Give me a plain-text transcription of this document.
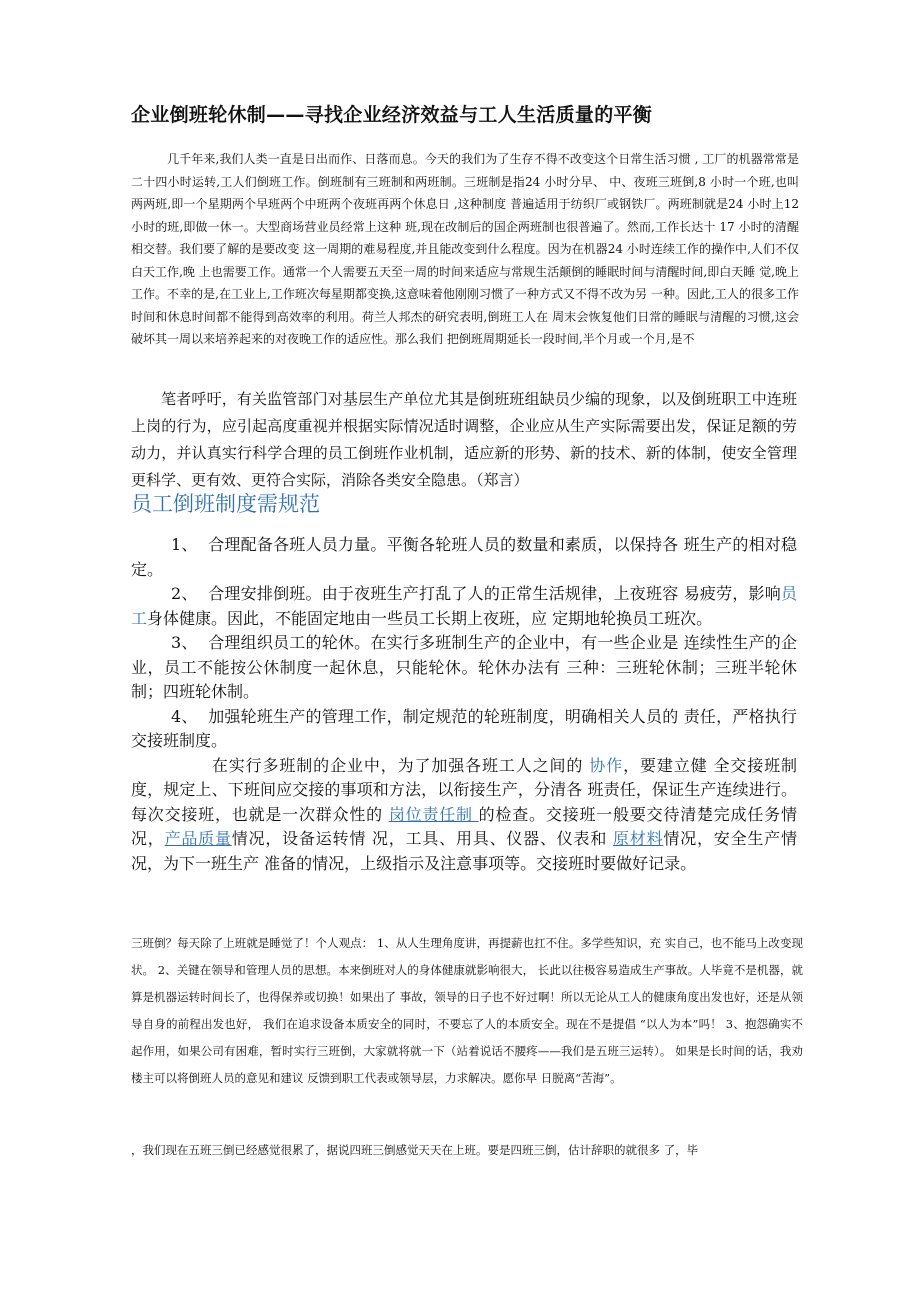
企业倒班轮休制——寻找企业经济效益与工人生活质量的平衡
几千年来,我们人类一直是日出而作、日落而息。今天的我们为了生存不得不改变这个日常生活习惯 , 工厂的机器常常是二十四小时运转,工人们倒班工作。倒班制有三班制和两班制。三班制是指24 小时分早、 中、夜班三班倒,8 小时一个班,也叫两两班,即一个星期两个早班两个中班两个夜班再两个休息日 ,这种制度 普遍适用于纺织厂或钢铁厂。两班制就是24 小时上12 小时的班,即做一休一。大型商场营业员经常上这种 班,现在改制后的国企两班制也很普遍了。然而,工作长达十 17 小时的清醒相交替。我们要了解的是要改变 这一周期的难易程度,并且能改变到什么程度。因为在机器24 小时连续工作的操作中,人们不仅白天工作,晚 上也需要工作。通常一个人需要五天至一周的时间来适应与常规生活颠倒的睡眠时间与清醒时间,即白天睡 觉,晚上工作。不幸的是,在工业上,工作班次每星期都变换,这意味着他刚刚习惯了一种方式又不得不改为另 一种。因此,工人的很多工作时间和休息时间都不能得到高效率的利用。荷兰人邦杰的研究表明,倒班工人在 周末会恢复他们日常的睡眠与清醒的习惯,这会破坏其一周以来培养起来的对夜晚工作的适应性。那么我们 把倒班周期延长一段时间,半个月或一个月,是不
笔者呼吁，有关监管部门对基层生产单位尤其是倒班班组缺员少编的现象，以及倒班职工中连班上岗的行为，应引起高度重视并根据实际情况适时调整，企业应从生产实际需要出发，保证足额的劳动力，并认真实行科学合理的员工倒班作业机制，适应新的形势、新的技术、新的体制，使安全管理更科学、更有效、更符合实际，消除各类安全隐患。（郑言）
员工倒班制度需规范

1、 合理配备各班人员力量。平衡各轮班人员的数量和素质，以保持各 班生产的相对稳定。

2、 合理安排倒班。由于夜班生产打乱了人的正常生活规律，上夜班容 易疲劳，影响员工身体健康。因此，不能固定地由一些员工长期上夜班，应 定期地轮换员工班次。

3、 合理组织员工的轮休。在实行多班制生产的企业中，有一些企业是 连续性生产的企业，员工不能按公休制度一起休息，只能轮休。轮休办法有 三种：三班轮休制；三班半轮休制；四班轮休制。

4、 加强轮班生产的管理工作，制定规范的轮班制度，明确相关人员的 责任，严格执行交接班制度。

在实行多班制的企业中，为了加强各班工人之间的 协作，要建立健 全交接班制度，规定上、下班间应交接的事项和方法，以衔接生产，分清各 班责任，保证生产连续进行。每次交接班，也就是一次群众性的 岗位责任制 的检查。交接班一般要交待清楚完成任务情况，产品质量情况，设备运转情 况，工具、用具、仪器、仪表和 原材料情况，安全生产情况，为下一班生产 准备的情况，上级指示及注意事项等。交接班时要做好记录。

三班倒？每天除了上班就是睡觉了！个人观点： 1、从人生理角度讲，再提薪也扛不住。多学些知识，充 实自己，也不能马上改变现状。 2、关键在领导和管理人员的思想。本来倒班对人的身体健康就影响很大， 长此以往极容易造成生产事故。人毕竟不是机器，就算是机器运转时间长了，也得保养或切换！如果出了 事故，领导的日子也不好过啊！所以无论从工人的健康角度出发也好，还是从领导自身的前程出发也好， 我们在追求设备本质安全的同时，不要忘了人的本质安全。现在不是提倡 “以人为本”吗！ 3、抱怨确实不 起作用，如果公司有困难，暂时实行三班倒，大家就将就一下（站着说话不腰疼——我们是五班三运转）。 如果是长时间的话，我劝楼主可以将倒班人员的意见和建议 反馈到职工代表或领导层，力求解决。愿你早 日脱离“苦海”。
，我们现在五班三倒已经感觉很累了，据说四班三倒感觉天天在上班。要是四班三倒，估计辞职的就很多 了，毕
